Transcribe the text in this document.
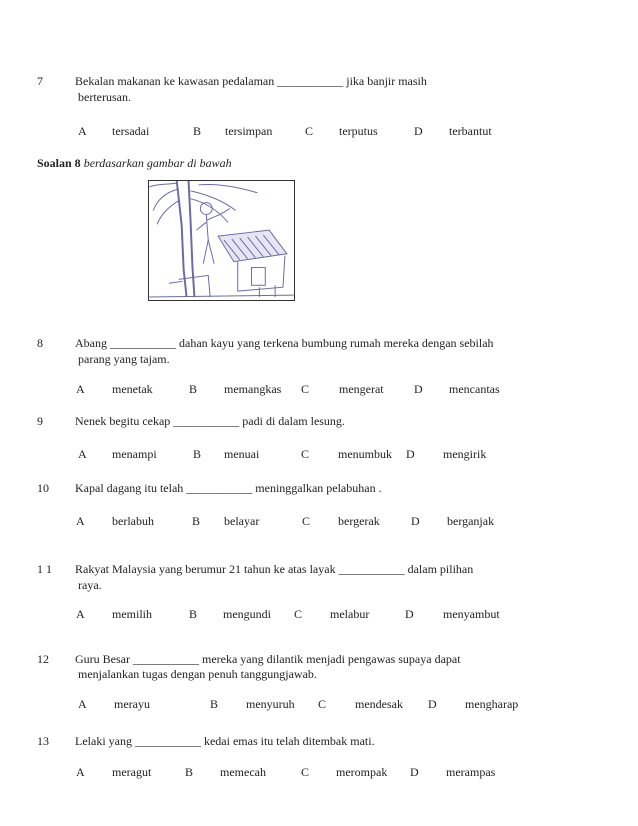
7	Bekalan makanan ke kawasan pedalaman ___________ jika banjir masih
berterusan.
A tersadai	B tersimpan	C terputus	D terbantut
Soalan 8 berdasarkan gambar di bawah
8	Abang ___________ dahan kayu yang terkena bumbung rumah mereka dengan sebilah
parang yang tajam.
A menetak	B memangkas C mengerat	D mencantas
9	Nenek begitu cekap ___________ padi di dalam lesung.
A menampi	B menuai	C menumbuk D mengirik
10 Kapal dagang itu telah ___________ meninggalkan pelabuhan .
A berlabuh	B belayar	C bergerak	D berganjak
1 1 Rakyat Malaysia yang berumur 21 tahun ke atas layak ___________ dalam pilihan
raya.
A memilih	B mengundi C melabur	D menyambut
12 Guru Besar ___________ mereka yang dilantik menjadi pengawas supaya dapat
menjalankan tugas dengan penuh tanggungjawab.
A merayu	B menyuruh C mendesak D mengharap
13 Lelaki yang ___________ kedai emas itu telah ditembak mati.
A meragut	B memecah	C merompak D merampas
